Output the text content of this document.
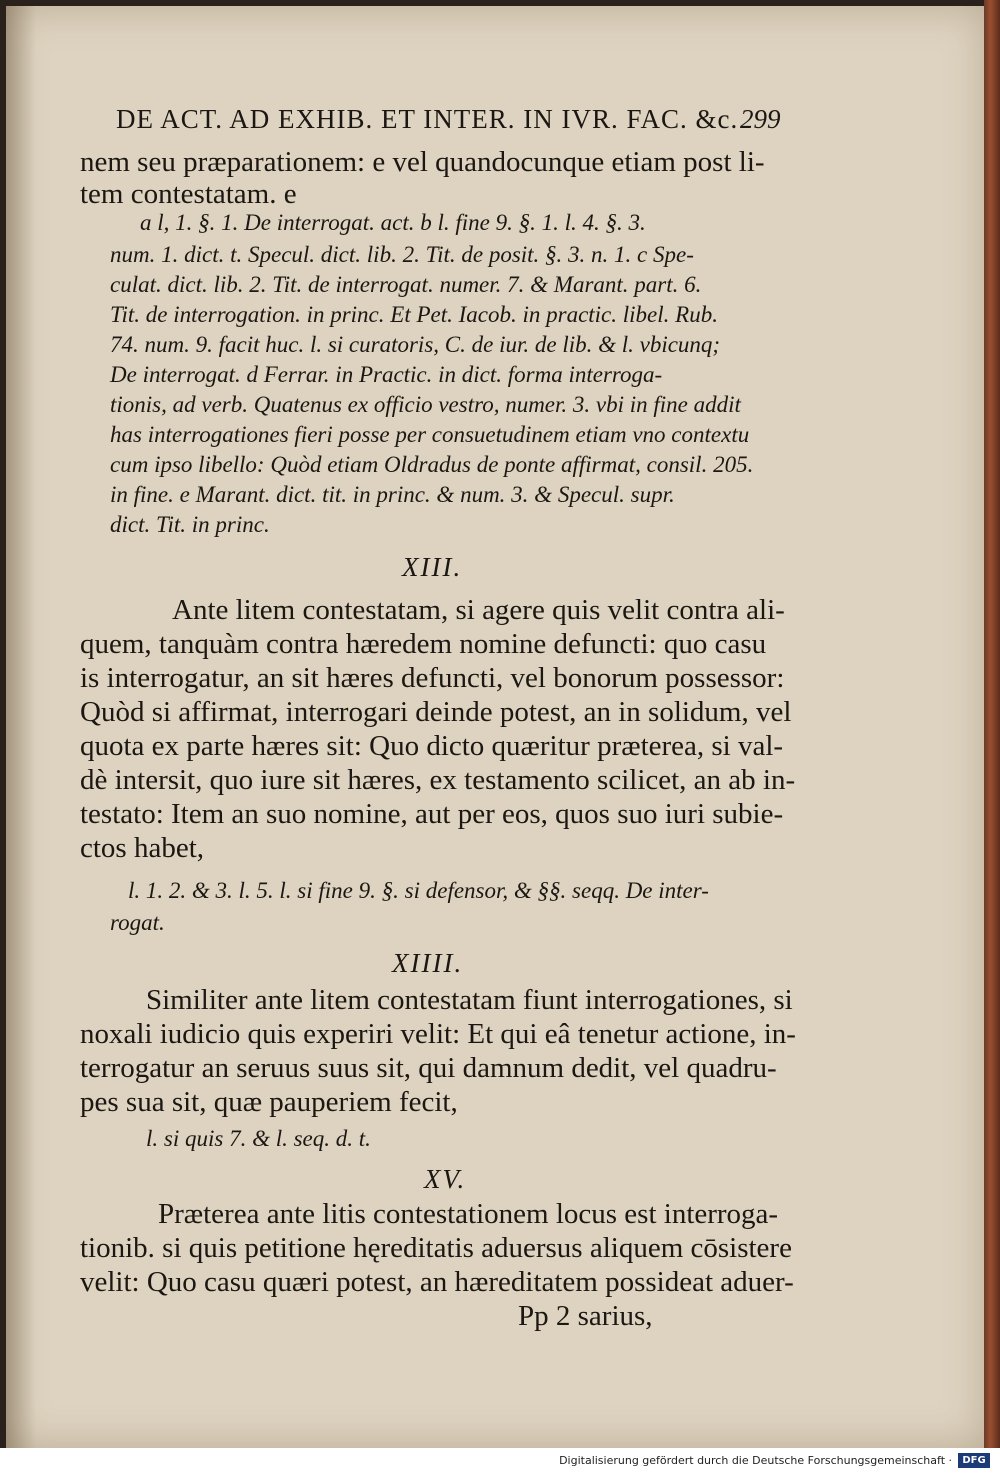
DE ACT. AD EXHIB. ET INTER. IN IVR. FAC. &c. 299
nem seu præparationem: e vel quandocunque etiam post li-
tem contestatam. e
a l, 1. §. 1. De interrogat. act. b l. fine 9. §. 1. l. 4. §. 3.
num. 1. dict. t. Specul. dict. lib. 2. Tit. de posit. §. 3. n. 1. c Spe-
culat. dict. lib. 2. Tit. de interrogat. numer. 7. & Marant. part. 6.
Tit. de interrogation. in princ. Et Pet. Iacob. in practic. libel. Rub.
74. num. 9. facit huc. l. si curatoris, C. de iur. de lib. & l. vbicunq;
De interrogat. d Ferrar. in Practic. in dict. forma interroga-
tionis, ad verb. Quatenus ex officio vestro, numer. 3. vbi in fine addit
has interrogationes fieri posse per consuetudinem etiam vno contextu
cum ipso libello: Quòd etiam Oldradus de ponte affirmat, consil. 205.
in fine. e Marant. dict. tit. in princ. & num. 3. & Specul. supr.
dict. Tit. in princ.
XIII.
Ante litem contestatam, si agere quis velit contra ali-
quem, tanquàm contra hæredem nomine defuncti: quo casu
is interrogatur, an sit hæres defuncti, vel bonorum possessor:
Quòd si affirmat, interrogari deinde potest, an in solidum, vel
quota ex parte hæres sit: Quo dicto quæritur præterea, si val-
dè intersit, quo iure sit hæres, ex testamento scilicet, an ab in-
testato: Item an suo nomine, aut per eos, quos suo iuri subie-
ctos habet,
l. 1. 2. & 3. l. 5. l. si fine 9. §. si defensor, & §§. seqq. De inter-
rogat.
XIIII.
Similiter ante litem contestatam fiunt interrogationes, si
noxali iudicio quis experiri velit: Et qui eâ tenetur actione, in-
terrogatur an seruus suus sit, qui damnum dedit, vel quadru-
pes sua sit, quæ pauperiem fecit,
l. si quis 7. & l. seq. d. t.
XV.
Præterea ante litis contestationem locus est interroga-
tionib. si quis petitione hęreditatis aduersus aliquem cōsistere
velit: Quo casu quæri potest, an hæreditatem possideat aduer-
Pp 2 sarius,
Digitalisierung gefördert durch die Deutsche Forschungsgemeinschaft ·	DFG
